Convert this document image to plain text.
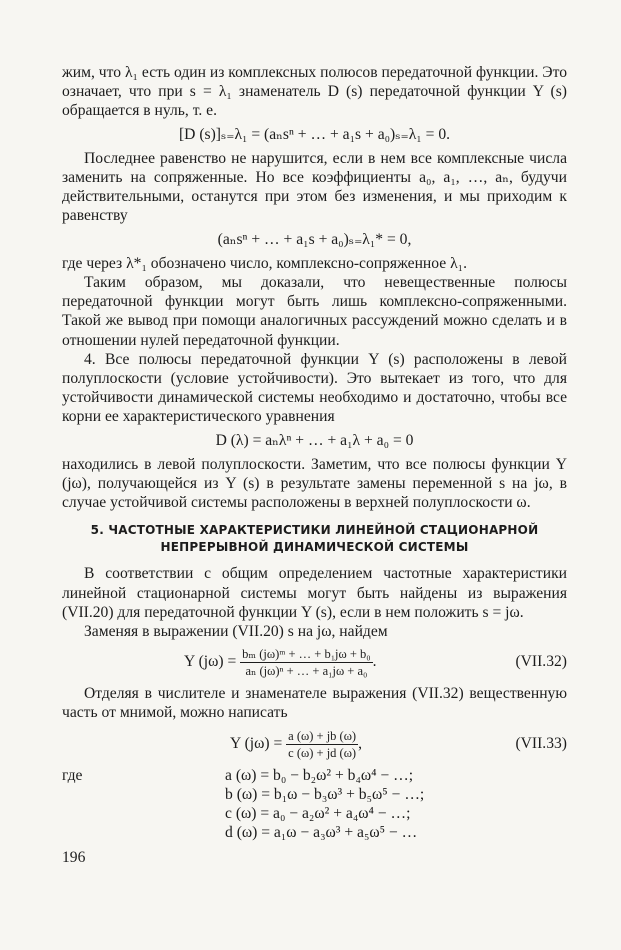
жим, что λ₁ есть один из комплексных полюсов передаточной функции. Это означает, что при s = λ₁ знаменатель D (s) передаточной функции Y (s) обращается в нуль, т. е.

[D (s)]ₛ₌λ₁ = (aₙsⁿ + … + a₁s + a₀)ₛ₌λ₁ = 0.

Последнее равенство не нарушится, если в нем все комплексные числа заменить на сопряженные. Но все коэффициенты a₀, a₁, …, aₙ, будучи действительными, останутся при этом без изменения, и мы приходим к равенству

(aₙsⁿ + … + a₁s + a₀)ₛ₌λ₁* = 0,

где через λ*₁ обозначено число, комплексно-сопряженное λ₁.

Таким образом, мы доказали, что невещественные полюсы передаточной функции могут быть лишь комплексно-сопряженными. Такой же вывод при помощи аналогичных рассуждений можно сделать и в отношении нулей передаточной функции.

4. Все полюсы передаточной функции Y (s) расположены в левой полуплоскости (условие устойчивости). Это вытекает из того, что для устойчивости динамической системы необходимо и достаточно, чтобы все корни ее характеристического уравнения

D (λ) = aₙλⁿ + … + a₁λ + a₀ = 0

находились в левой полуплоскости. Заметим, что все полюсы функции Y (jω), получающейся из Y (s) в результате замены переменной s на jω, в случае устойчивой системы расположены в верхней полуплоскости ω.

5. ЧАСТОТНЫЕ ХАРАКТЕРИСТИКИ ЛИНЕЙНОЙ СТАЦИОНАРНОЙ НЕПРЕРЫВНОЙ ДИНАМИЧЕСКОЙ СИСТЕМЫ

В соответствии с общим определением частотные характеристики линейной стационарной системы могут быть найдены из выражения (VII.20) для передаточной функции Y (s), если в нем положить s = jω.

Заменяя в выражении (VII.20) s на jω, найдем

Y $(j\omega) = \frac{\text{bₘ (jω)ᵐ + … + b₁jω + b₀}}{\text{aₙ (jω)ⁿ + … + a₁jω + a₀}}$ .	(VII.32)

Отделяя в числителе и знаменателе выражения (VII.32) вещественную часть от мнимой, можно написать

Y $(j\omega) = \frac{a (\omega) + jb (\omega)}{c (\omega) + jd (\omega)}$ ,	(VII.33)
где	a (ω) = b₀ − b₂ω² + b₄ω⁴ − …;
b (ω) = b₁ω − b₃ω³ + b₅ω⁵ − …;
c (ω) = a₀ − a₂ω² + a₄ω⁴ − …;
d (ω) = a₁ω − a₃ω³ + a₅ω⁵ − …
196
